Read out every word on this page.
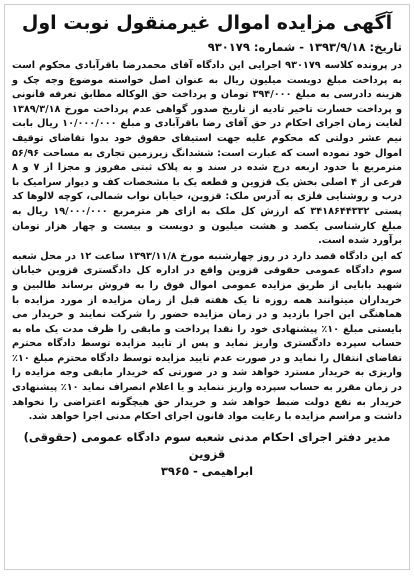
آگهی مزایده اموال غیرمنقول نوبت اول
تاریخ: ۱۳۹۳/۹/۱۸ - شماره: ۹۳۰۱۷۹

در پرونده کلاسه ۹۳۰۱۷۹ اجرایی این دادگاه آقای محمدرضا باقرآبادی محکوم است به پرداخت مبلغ دویست میلیون ریال به عنوان اصل خواسته موضوع وجه چک و هزینه دادرسی به مبلغ ۳۹۴/۰۰۰ تومان و پرداخت حق الوکاله مطابق تعرفه قانونی و پرداخت خسارت تاخیر تادیه از تاریخ صدور گواهی عدم پرداخت مورخ ۱۳۸۹/۳/۱۸ لغایت زمان اجرای احکام در حق آقای رضا باقرآبادی و مبلغ ۱۰/۰۰۰/۰۰۰ ریال بابت نیم عشر دولتی که محکوم علیه جهت استیفای حقوق خود بدوا تقاضای توقیف اموال خود نموده است که عبارت است: ششدانگ زیرزمین تجاری به مساحت ۵۶/۹۶ مترمربع با حدود اربعه درج شده در سند و به پلاک ثبتی مفروز و مجزا از ۷ و ۸ فرعی از ۴ اصلی بخش یک قزوین و قطعه یک با مشخصات کف و دیوار سرامیک با درب و روشنایی فلزی به آدرس ملک: قزوین، خیابان نواب شمالی، کوچه لالوها کد پستی ۳۴۱۸۶۴۴۳۳۲ که ارزش کل ملک به ازای هر مترمربع ۱۹/۰۰۰/۰۰۰ ریال به مبلغ کارشناسی یکصد و هشت میلیون و دویست و بیست و چهار هزار تومان برآورد شده است.

که این دادگاه قصد دارد در روز چهارشنبه مورخ ۱۳۹۳/۱۱/۸ ساعت ۱۲ در محل شعبه سوم دادگاه عمومی حقوقی قزوین واقع در اداره کل دادگستری قزوین خیابان شهید بابایی از طریق مزایده عمومی اموال فوق را به فروش برساند طالبین و خریداران میتوانند همه روزه تا یک هفته قبل از زمان مزایده از مورد مزایده با هماهنگی این اجرا بازدید و در زمان مزایده حضور را شرکت نمایند و خریدار می بایستی مبلغ ۱۰٪ پیشنهادی خود را نقدا پرداخت و مابقی را ظرف مدت یک ماه به حساب سپرده دادگستری واریز نماید و پس از تایید مزایده توسط دادگاه محترم تقاضای انتقال را نماید و در صورت عدم تایید مزایده توسط دادگاه محترم مبلغ ۱۰٪ واریزی به خریدار مسترد خواهد شد و در صورتی که خریدار مابقی وجه مزایده را در زمان مقرر به حساب سپرده واریز ننماید و یا اعلام انصراف نماید ۱۰٪ پیشنهادی خریدار به نفع دولت ضبط خواهد شد و خریدار حق هیچگونه اعتراضی را نخواهد داشت و مراسم مزایده با رعایت مواد قانون اجرای احکام مدنی اجرا خواهد شد.

مدیر دفتر اجرای احکام مدنی شعبه سوم دادگاه عمومی (حقوقی) قزوین
ابراهیمی - ۳۹۶۵
